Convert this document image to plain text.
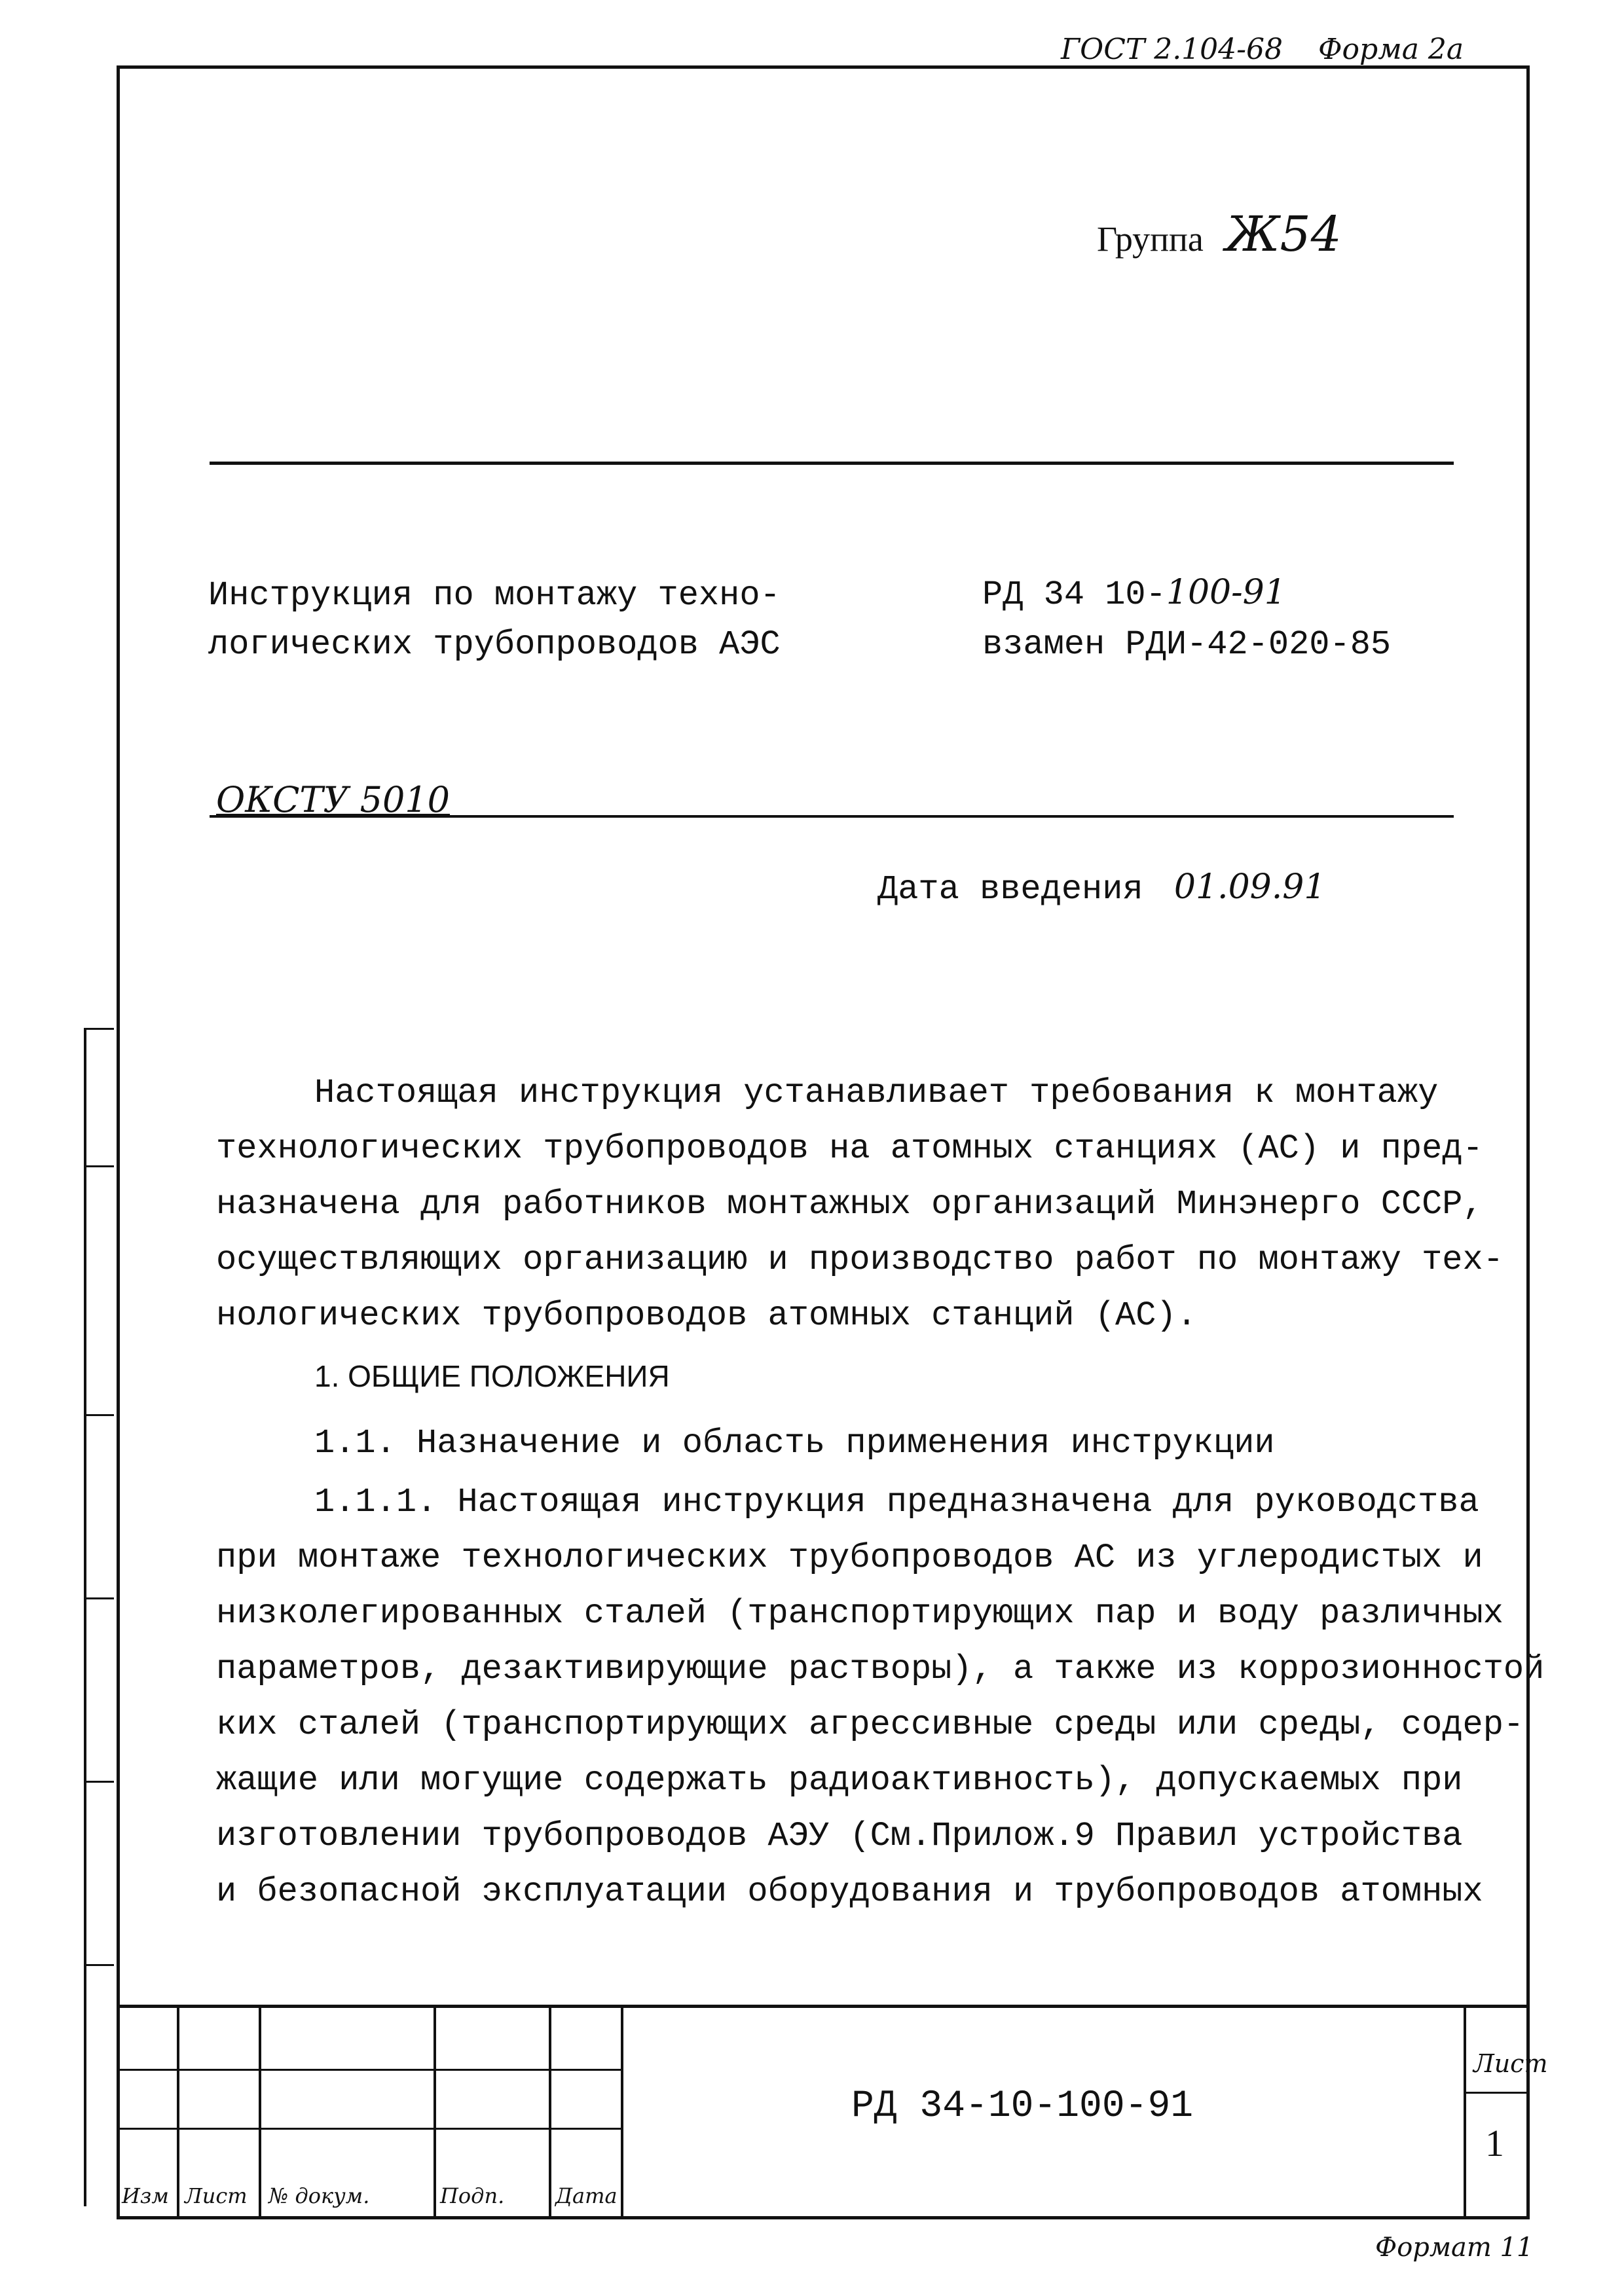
ГОСТ 2.104-68 Форма 2а
Группа Ж54
Инструкция по монтажу техно-
логических трубопроводов АЭС
РД 34 10-100-91
взамен РДИ-42-020-85
ОКСТУ 5010
Дата введения 01.09.91
Настоящая инструкция устанавливает требования к монтажу
технологических трубопроводов на атомных станциях (АС) и пред-
назначена для работников монтажных организаций Минэнерго СССР,
осуществляющих организацию и производство работ по монтажу тех-
нологических трубопроводов атомных станций (АС).
1. ОБЩИЕ ПОЛОЖЕНИЯ
1.1. Назначение и область применения инструкции
1.1.1. Настоящая инструкция предназначена для руководства
при монтаже технологических трубопроводов АС из углеродистых и
низколегированных сталей (транспортирующих пар и воду различных
параметров, дезактивирующие растворы), а также из коррозионностой
ких сталей (транспортирующих агрессивные среды или среды, содер-
жащие или могущие содержать радиоактивность), допускаемых при
изготовлении трубопроводов АЭУ (См.Прилож.9 Правил устройства
и безопасной эксплуатации оборудования и трубопроводов атомных
Изм Лист № докум.	Подп. Дата
РД 34-10-100-91
Лист
1
Формат 11
